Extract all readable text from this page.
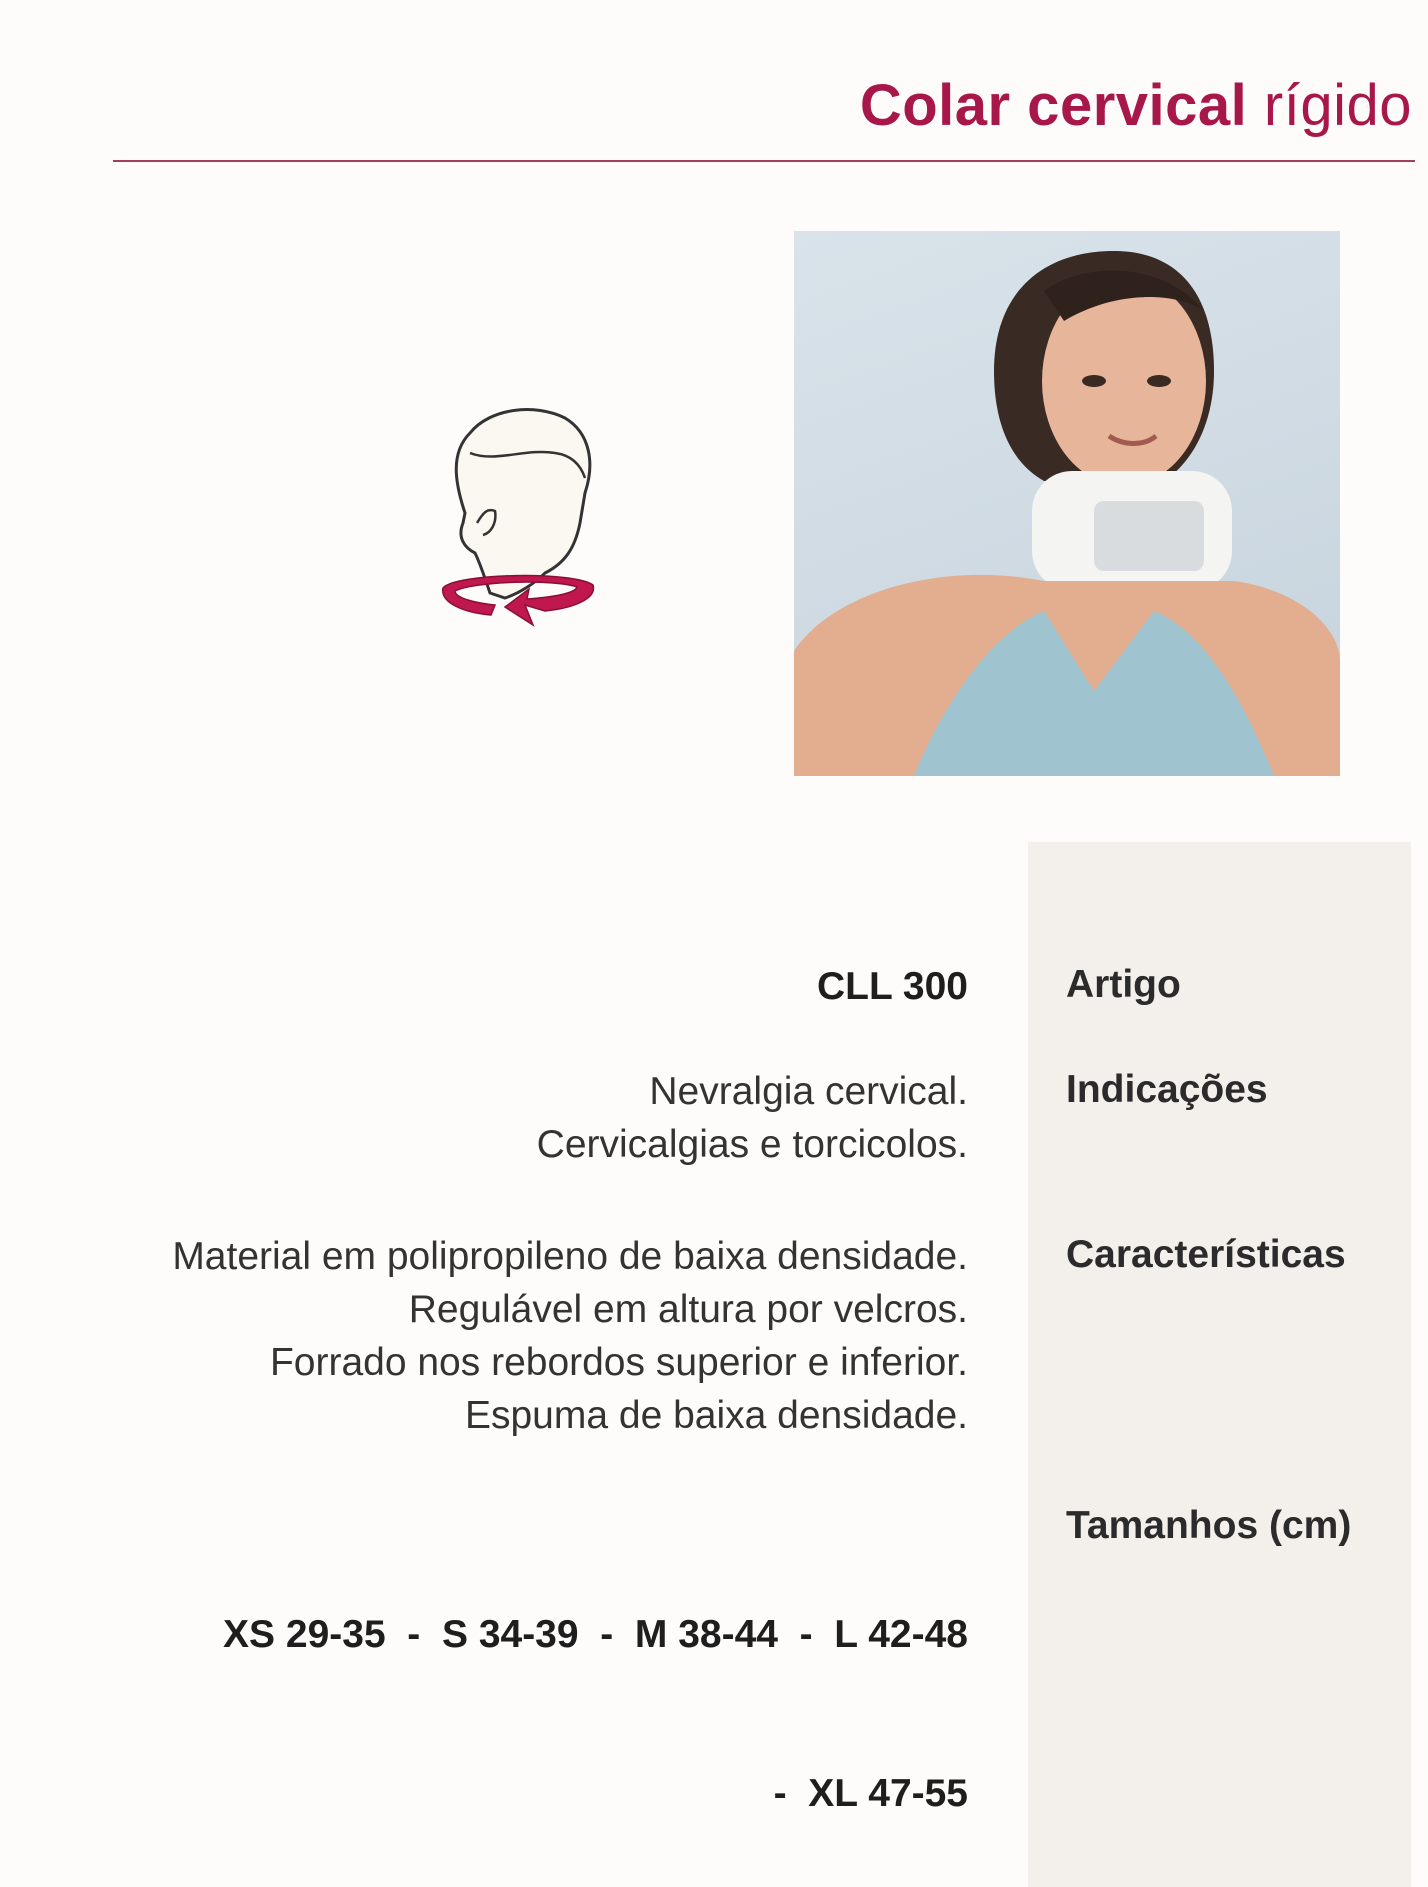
Colar cervical rígido
Artigo
CLL 300
Indicações
Nevralgia cervical.
Cervicalgias e torcicolos.
Características
Material em polipropileno de baixa densidade.
Regulável em altura por velcros.
Forrado nos rebordos superior e inferior.
Espuma de baixa densidade.
Tamanhos (cm)

XS 29-35  -  S 34-39  -  M 38-44  -  L 42-48

-  XL 47-55
